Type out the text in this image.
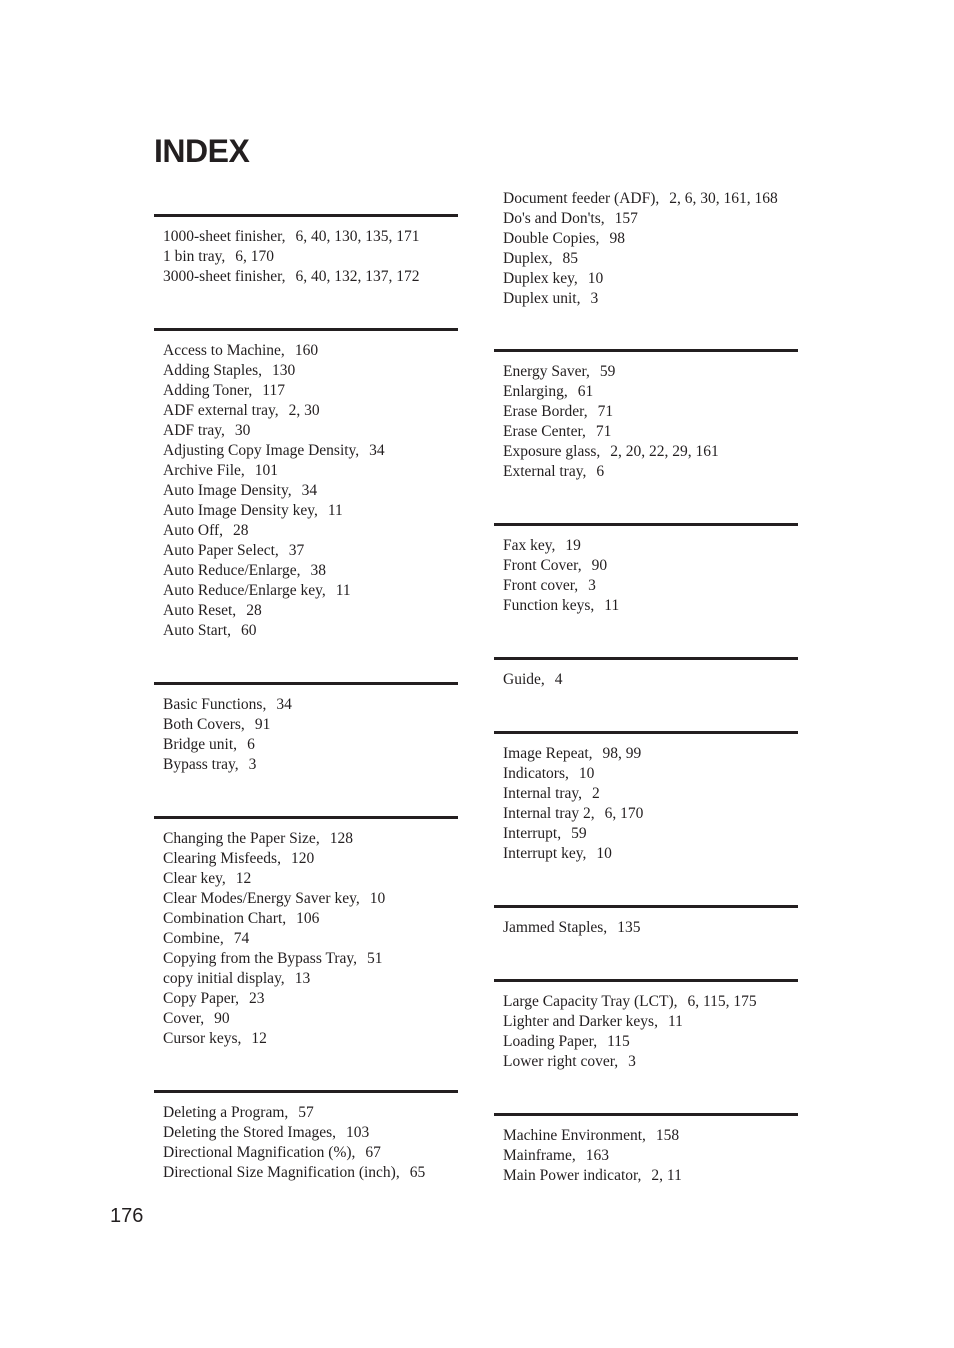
INDEX
1000-sheet finisher, 6, 40, 130, 135, 171
1 bin tray, 6, 170
3000-sheet finisher, 6, 40, 132, 137, 172
Access to Machine, 160
Adding Staples, 130
Adding Toner, 117
ADF external tray, 2, 30
ADF tray, 30
Adjusting Copy Image Density, 34
Archive File, 101
Auto Image Density, 34
Auto Image Density key, 11
Auto Off, 28
Auto Paper Select, 37
Auto Reduce/Enlarge, 38
Auto Reduce/Enlarge key, 11
Auto Reset, 28
Auto Start, 60
Basic Functions, 34
Both Covers, 91
Bridge unit, 6
Bypass tray, 3
Changing the Paper Size, 128
Clearing Misfeeds, 120
Clear key, 12
Clear Modes/Energy Saver key, 10
Combination Chart, 106
Combine, 74
Copying from the Bypass Tray, 51
copy initial display, 13
Copy Paper, 23
Cover, 90
Cursor keys, 12
Deleting a Program, 57
Deleting the Stored Images, 103
Directional Magnification (%), 67
Directional Size Magnification (inch), 65
Document feeder (ADF), 2, 6, 30, 161, 168
Do's and Don'ts, 157
Double Copies, 98
Duplex, 85
Duplex key, 10
Duplex unit, 3
Energy Saver, 59
Enlarging, 61
Erase Border, 71
Erase Center, 71
Exposure glass, 2, 20, 22, 29, 161
External tray, 6
Fax key, 19
Front Cover, 90
Front cover, 3
Function keys, 11
Guide, 4
Image Repeat, 98, 99
Indicators, 10
Internal tray, 2
Internal tray 2, 6, 170
Interrupt, 59
Interrupt key, 10
Jammed Staples, 135
Large Capacity Tray (LCT), 6, 115, 175
Lighter and Darker keys, 11
Loading Paper, 115
Lower right cover, 3
Machine Environment, 158
Mainframe, 163
Main Power indicator, 2, 11
176
